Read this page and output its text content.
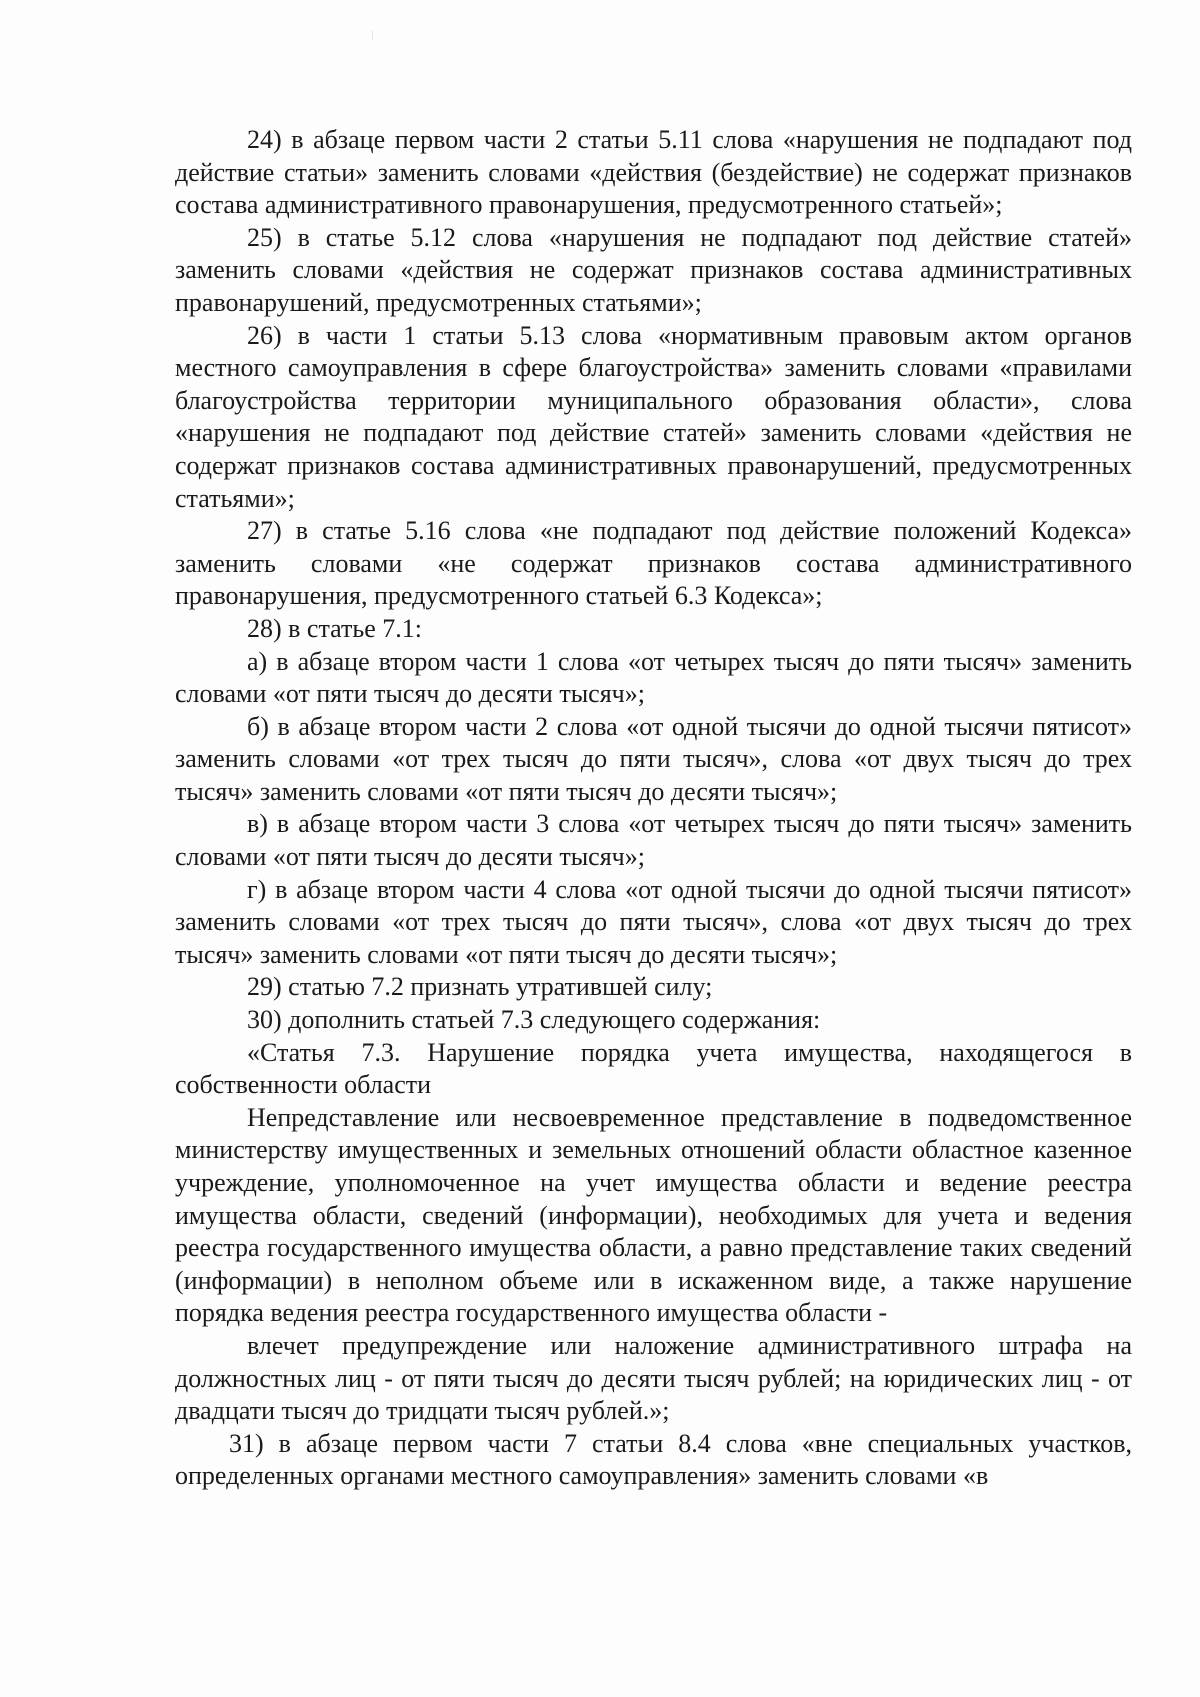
24) в абзаце первом части 2 статьи 5.11 слова «нарушения не подпадают под действие статьи» заменить словами «действия (бездействие) не содержат признаков состава административного правонарушения, предусмотренного статьей»;

25) в статье 5.12 слова «нарушения не подпадают под действие статей» заменить словами «действия не содержат признаков состава административных правонарушений, предусмотренных статьями»;

26) в части 1 статьи 5.13 слова «нормативным правовым актом органов местного самоуправления в сфере благоустройства» заменить словами «правилами благоустройства территории муниципального образования области», слова «нарушения не подпадают под действие статей» заменить словами «действия не содержат признаков состава административных правонарушений, предусмотренных статьями»;

27) в статье 5.16 слова «не подпадают под действие положений Кодекса» заменить словами «не содержат признаков состава административного правонарушения, предусмотренного статьей 6.3 Кодекса»;

28) в статье 7.1:

а) в абзаце втором части 1 слова «от четырех тысяч до пяти тысяч» заменить словами «от пяти тысяч до десяти тысяч»;

б) в абзаце втором части 2 слова «от одной тысячи до одной тысячи пятисот» заменить словами «от трех тысяч до пяти тысяч», слова «от двух тысяч до трех тысяч» заменить словами «от пяти тысяч до десяти тысяч»;

в) в абзаце втором части 3 слова «от четырех тысяч до пяти тысяч» заменить словами «от пяти тысяч до десяти тысяч»;

г) в абзаце втором части 4 слова «от одной тысячи до одной тысячи пятисот» заменить словами «от трех тысяч до пяти тысяч», слова «от двух тысяч до трех тысяч» заменить словами «от пяти тысяч до десяти тысяч»;

29) статью 7.2 признать утратившей силу;

30) дополнить статьей 7.3 следующего содержания:

«Статья 7.3. Нарушение порядка учета имущества, находящегося в собственности области

Непредставление или несвоевременное представление в подведомственное министерству имущественных и земельных отношений области областное казенное учреждение, уполномоченное на учет имущества области и ведение реестра имущества области, сведений (информации), необходимых для учета и ведения реестра государственного имущества области, а равно представление таких сведений (информации) в неполном объеме или в искаженном виде, а также нарушение порядка ведения реестра государственного имущества области -

влечет предупреждение или наложение административного штрафа на должностных лиц - от пяти тысяч до десяти тысяч рублей; на юридических лиц - от двадцати тысяч до тридцати тысяч рублей.»;

31) в абзаце первом части 7 статьи 8.4 слова «вне специальных участков, определенных органами местного самоуправления» заменить словами «в
